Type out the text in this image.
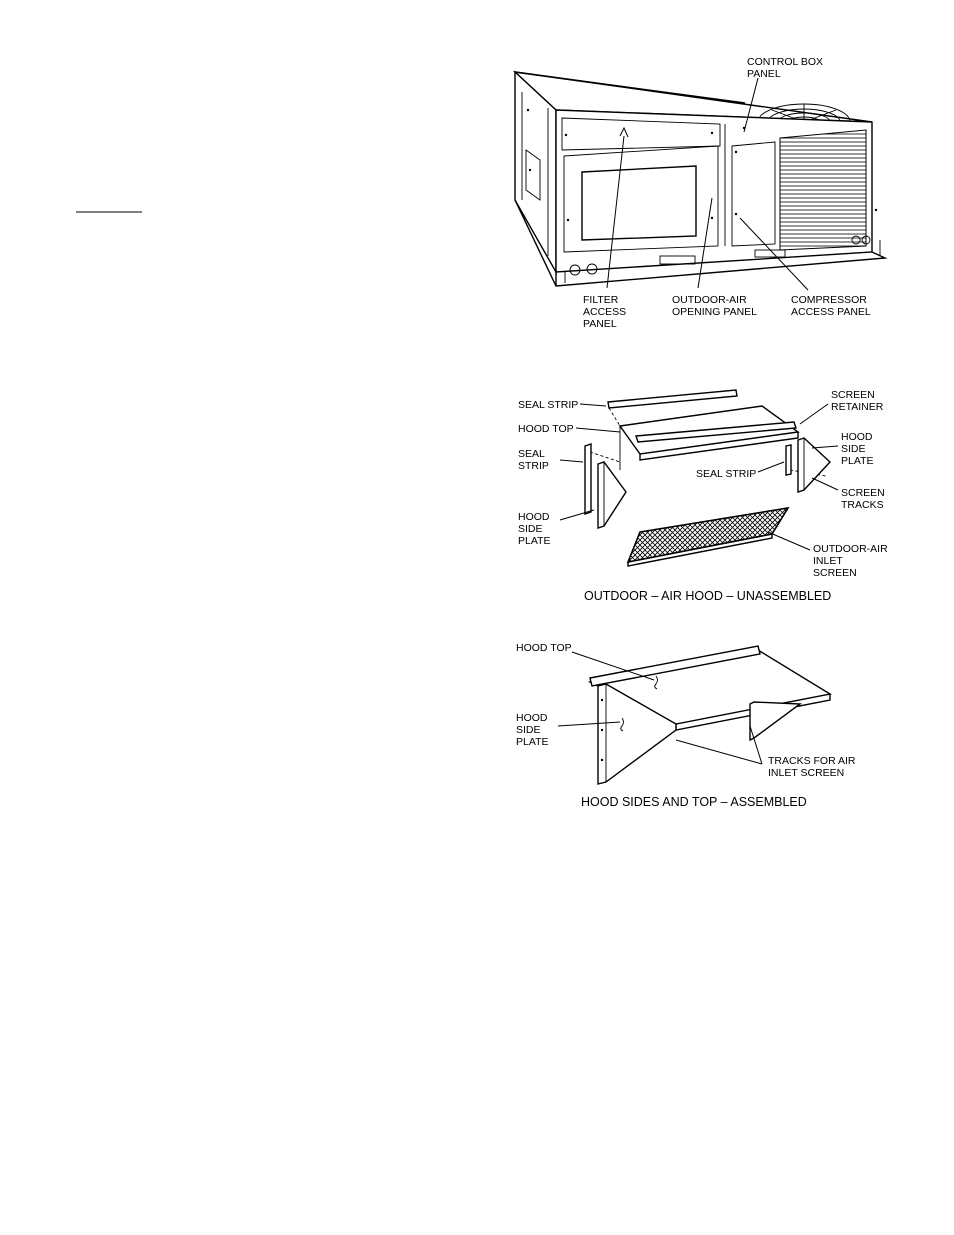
CONTROL BOX
PANEL
FILTER
ACCESS
PANEL
OUTDOOR-AIR
OPENING PANEL
COMPRESSOR
ACCESS PANEL
SEAL STRIP
HOOD TOP
SEAL
STRIP
HOOD
SIDE
PLATE
SCREEN
RETAINER
HOOD
SIDE
PLATE
SEAL STRIP
SCREEN
TRACKS
OUTDOOR-AIR
INLET
SCREEN
OUTDOOR – AIR HOOD – UNASSEMBLED
HOOD TOP
HOOD
SIDE
PLATE
TRACKS FOR AIR
INLET SCREEN
HOOD SIDES AND TOP – ASSEMBLED
